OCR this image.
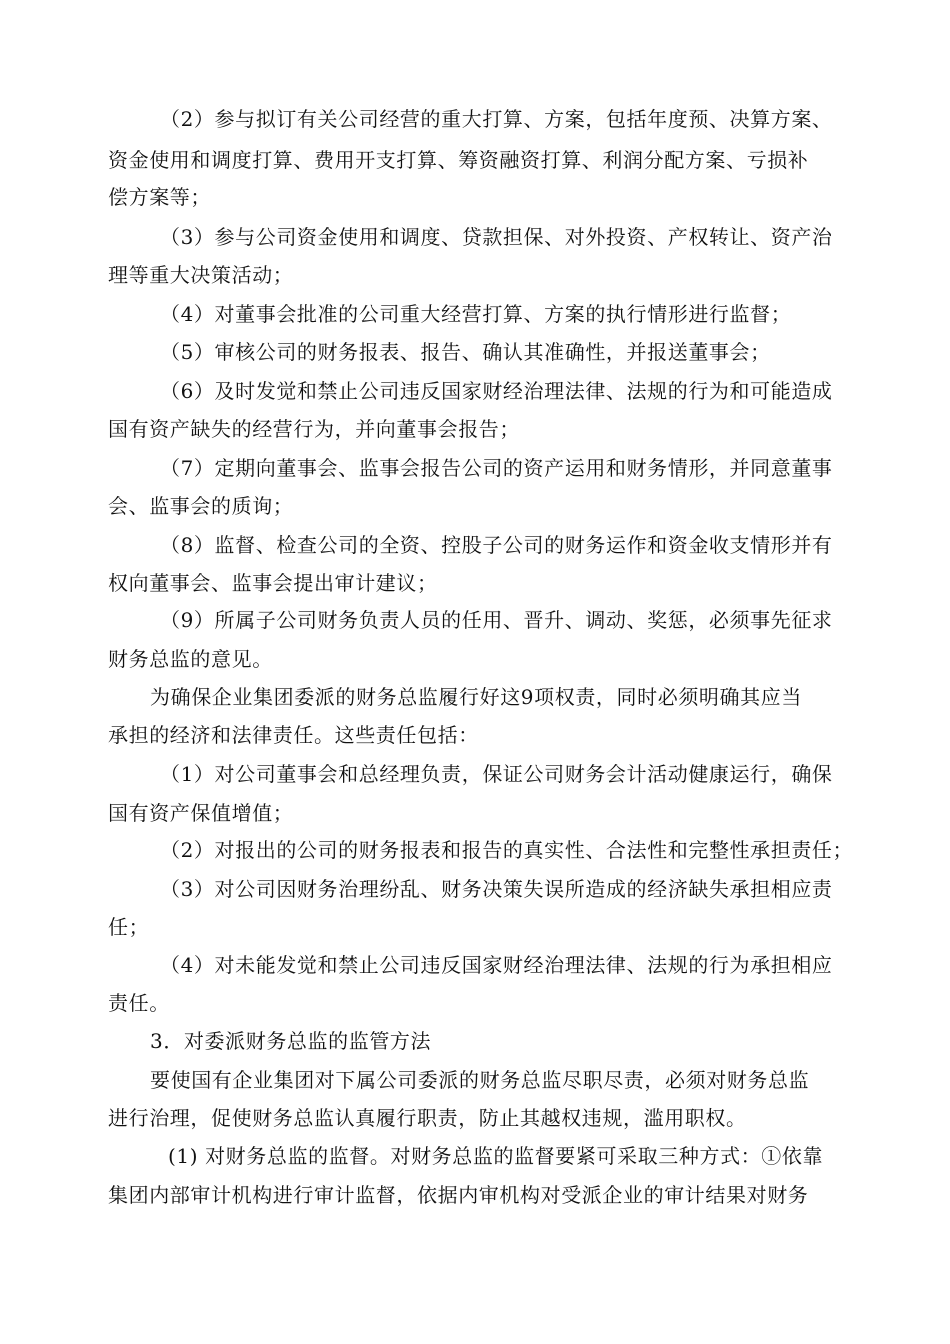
（2）参与拟订有关公司经营的重大打算、方案，包括年度预、决算方案、
资金使用和调度打算、费用开支打算、筹资融资打算、利润分配方案、亏损补
偿方案等；
（3）参与公司资金使用和调度、贷款担保、对外投资、产权转让、资产治
理等重大决策活动；
（4）对董事会批准的公司重大经营打算、方案的执行情形进行监督；
（5）审核公司的财务报表、报告、确认其准确性，并报送董事会；
（6）及时发觉和禁止公司违反国家财经治理法律、法规的行为和可能造成
国有资产缺失的经营行为，并向董事会报告；
（7）定期向董事会、监事会报告公司的资产运用和财务情形，并同意董事
会、监事会的质询；
（8）监督、检查公司的全资、控股子公司的财务运作和资金收支情形并有
权向董事会、监事会提出审计建议；
（9）所属子公司财务负责人员的任用、晋升、调动、奖惩，必须事先征求
财务总监的意见。
为确保企业集团委派的财务总监履行好这9项权责，同时必须明确其应当
承担的经济和法律责任。这些责任包括：
（1）对公司董事会和总经理负责，保证公司财务会计活动健康运行，确保
国有资产保值增值；
（2）对报出的公司的财务报表和报告的真实性、合法性和完整性承担责任；
（3）对公司因财务治理纷乱、财务决策失误所造成的经济缺失承担相应责
任；
（4）对未能发觉和禁止公司违反国家财经治理法律、法规的行为承担相应
责任。
3．对委派财务总监的监管方法
要使国有企业集团对下属公司委派的财务总监尽职尽责，必须对财务总监
进行治理，促使财务总监认真履行职责，防止其越权违规，滥用职权。
(1) 对财务总监的监督。对财务总监的监督要紧可采取三种方式：①依靠
集团内部审计机构进行审计监督，依据内审机构对受派企业的审计结果对财务
